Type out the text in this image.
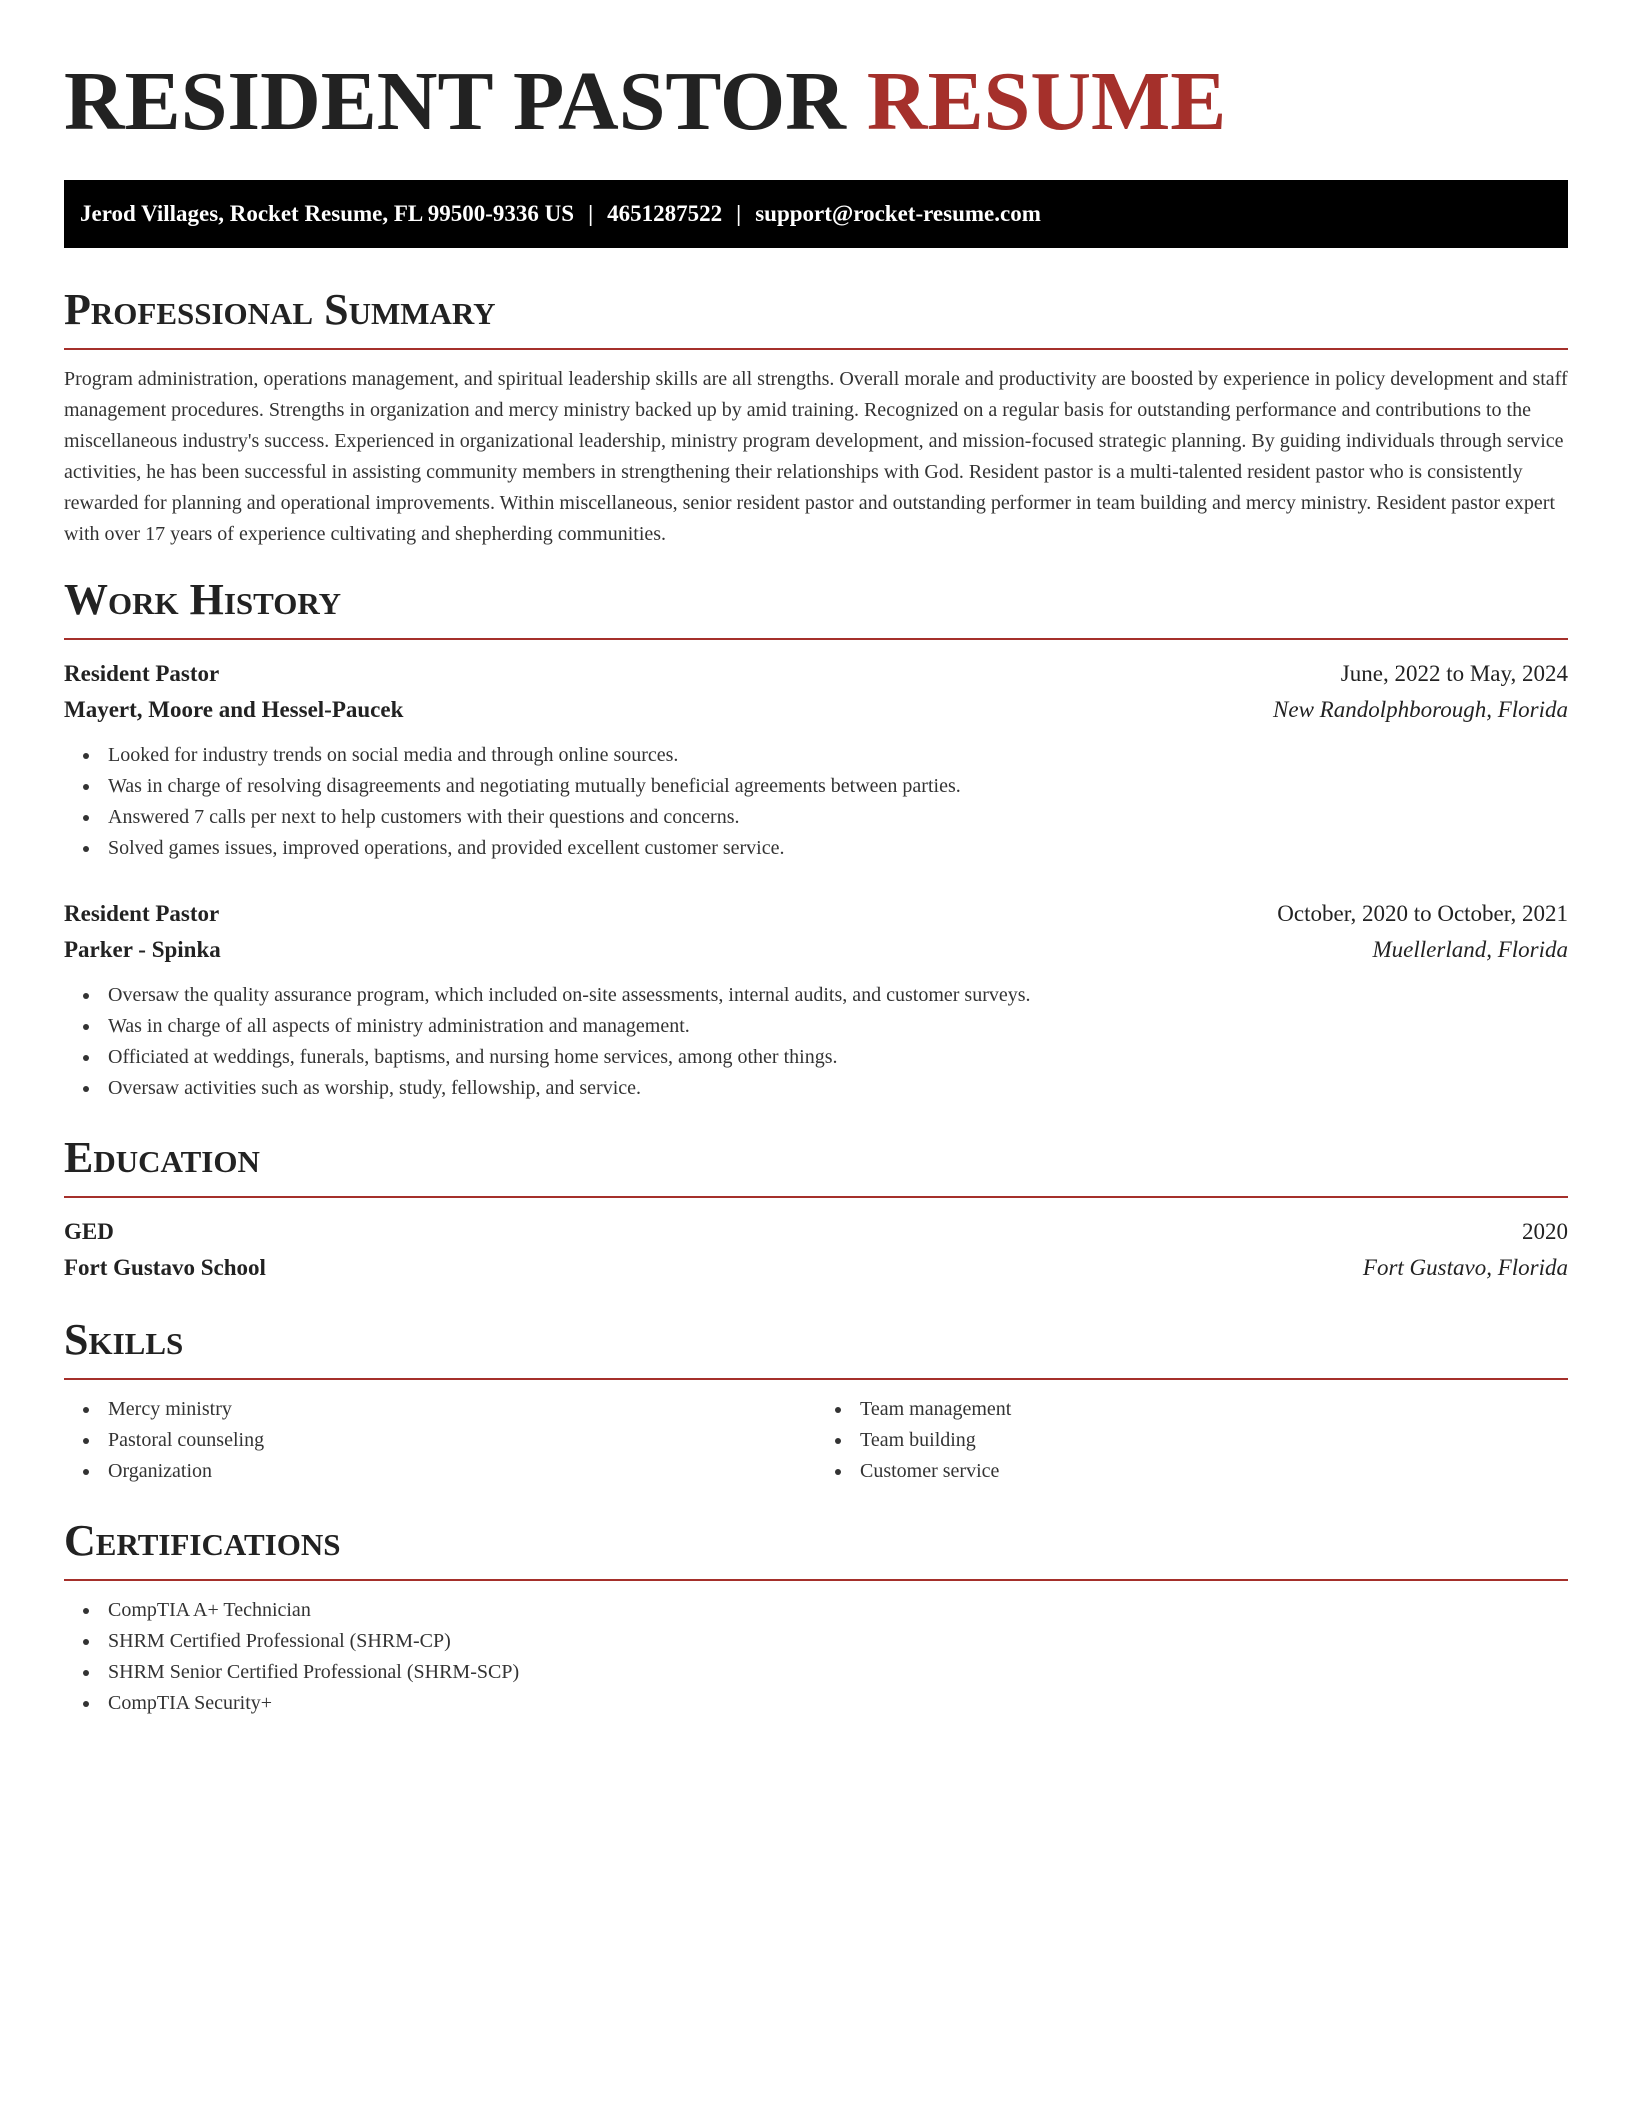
RESIDENT PASTOR RESUME
Jerod Villages, Rocket Resume, FL 99500-9336 US | 4651287522 | support@rocket-resume.com
Professional Summary

Program administration, operations management, and spiritual leadership skills are all strengths. Overall morale and productivity are boosted by experience in policy development and staff management procedures. Strengths in organization and mercy ministry backed up by amid training. Recognized on a regular basis for outstanding performance and contributions to the miscellaneous industry's success. Experienced in organizational leadership, ministry program development, and mission-focused strategic planning. By guiding individuals through service activities, he has been successful in assisting community members in strengthening their relationships with God. Resident pastor is a multi-talented resident pastor who is consistently rewarded for planning and operational improvements. Within miscellaneous, senior resident pastor and outstanding performer in team building and mercy ministry. Resident pastor expert with over 17 years of experience cultivating and shepherding communities.

Work History
Resident Pastor	June, 2022 to May, 2024
Mayert, Moore and Hessel-Paucek	New Randolphborough, Florida
Looked for industry trends on social media and through online sources.
Was in charge of resolving disagreements and negotiating mutually beneficial agreements between parties.
Answered 7 calls per next to help customers with their questions and concerns.
Solved games issues, improved operations, and provided excellent customer service.
Resident Pastor	October, 2020 to October, 2021
Parker - Spinka	Muellerland, Florida
Oversaw the quality assurance program, which included on-site assessments, internal audits, and customer surveys.
Was in charge of all aspects of ministry administration and management.
Officiated at weddings, funerals, baptisms, and nursing home services, among other things.
Oversaw activities such as worship, study, fellowship, and service.
Education
GED	2020
Fort Gustavo School	Fort Gustavo, Florida
Skills
Mercy ministry
Pastoral counseling
Organization
Team management
Team building
Customer service
Certifications
CompTIA A+ Technician
SHRM Certified Professional (SHRM-CP)
SHRM Senior Certified Professional (SHRM-SCP)
CompTIA Security+
